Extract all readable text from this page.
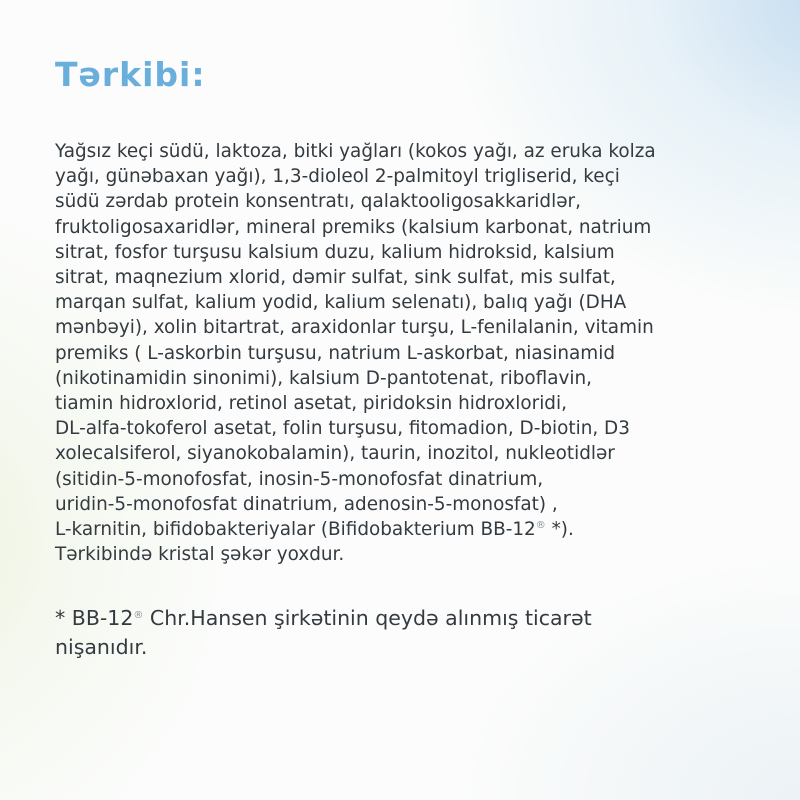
Tərkibi:

Yağsız keçi südü, laktoza, bitki yağları (kokos yağı, az eruka kolza
yağı, günəbaxan yağı), 1,3-dioleol 2-palmitoyl trigliserid, keçi
südü zərdab protein konsentratı, qalaktooligosakkaridlər,
fruktoligosaxaridlər, mineral premiks (kalsium karbonat, natrium
sitrat, fosfor turşusu kalsium duzu, kalium hidroksid, kalsium
sitrat, maqnezium xlorid, dəmir sulfat, sink sulfat, mis sulfat,
marqan sulfat, kalium yodid, kalium selenatı), balıq yağı (DHA
mənbəyi), xolin bitartrat, araxidonlar turşu, L-fenilalanin, vitamin
premiks ( L-askorbin turşusu, natrium L-askorbat, niasinamid
(nikotinamidin sinonimi), kalsium D-pantotenat, riboflavin,
tiamin hidroxlorid, retinol asetat, piridoksin hidroxloridi,
DL-alfa-tokoferol asetat, folin turşusu, fitomadion, D-biotin, D3
xolecalsiferol, siyanokobalamin), taurin, inozitol, nukleotidlər
(sitidin-5-monofosfat, inosin-5-monofosfat dinatrium,
uridin-5-monofosfat dinatrium, adenosin-5-monosfat) ,
L-karnitin, bifidobakteriyalar (Bifidobakterium BB-12® *).
Tərkibində kristal şəkər yoxdur.

* BB-12® Chr.Hansen şirkətinin qeydə alınmış ticarət
nişanıdır.
